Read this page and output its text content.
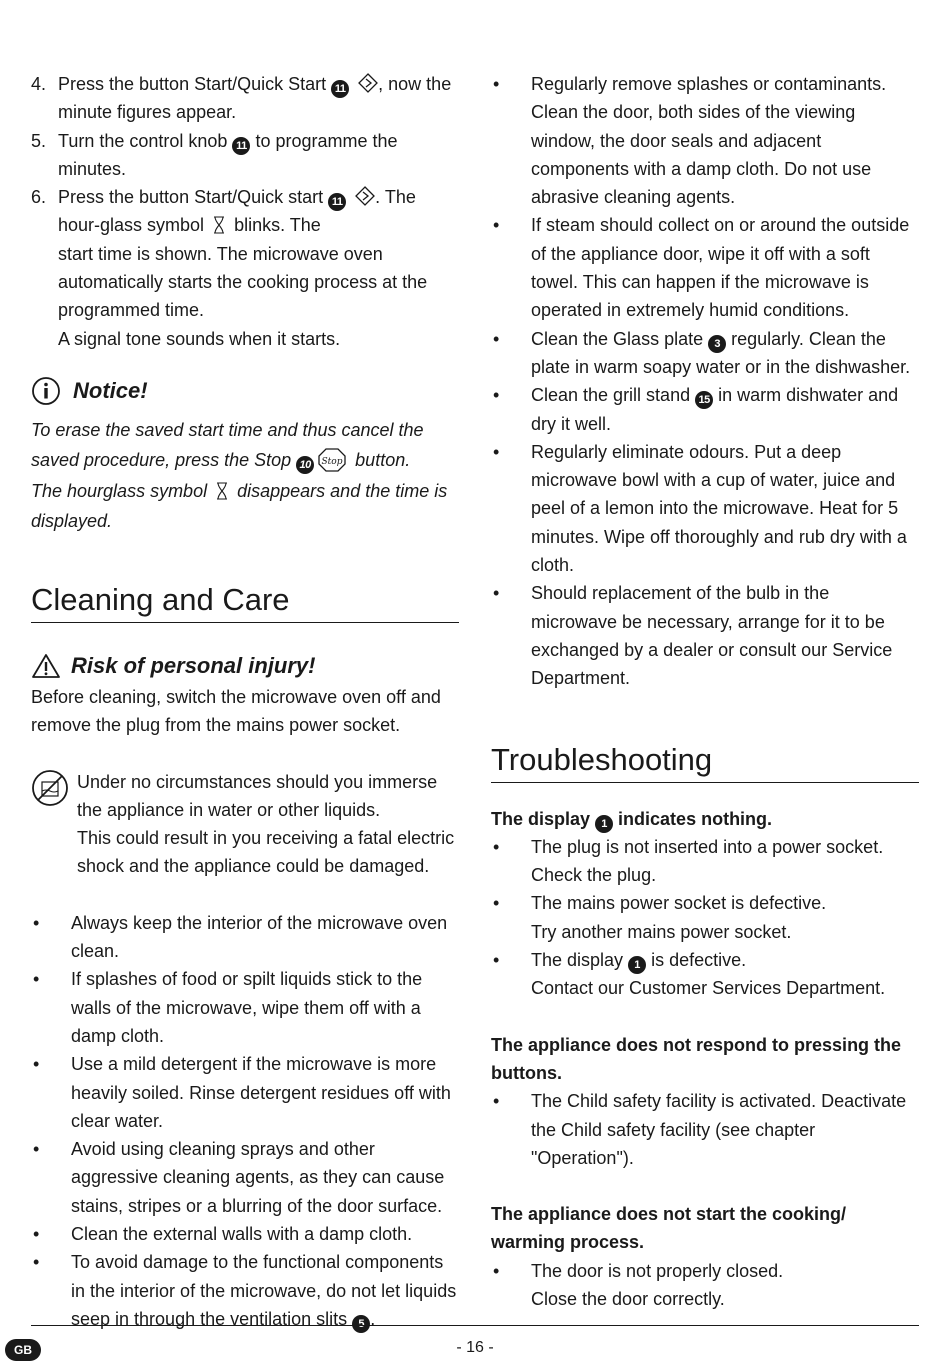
4. Press the button Start/Quick Start 11 , now the minute figures appear.
5. Turn the control knob 11 to programme the minutes.
6. Press the button Start/Quick start 11 . The hour-glass symbol  blinks. The
start time is shown. The microwave oven automatically starts the cooking process at the programmed time.
A signal tone sounds when it starts.
Notice!

To erase the saved start time and thus cancel the saved procedure, press the Stop 10 Stop button.
The hourglass symbol  disappears and the time is displayed.

Cleaning and Care
Risk of personal injury!

Before cleaning, switch the microwave oven off and remove the plug from the mains power socket.

Under no circumstances should you immerse the appliance in water or other liquids.

This could result in you receiving a fatal electric shock and the appliance could be damaged.

• Always keep the interior of the microwave oven clean.
• If splashes of food or spilt liquids stick to the walls of the microwave, wipe them off with a damp cloth.
• Use a mild detergent if the microwave is more heavily soiled. Rinse detergent residues off with clear water.
• Avoid using cleaning sprays and other aggressive cleaning agents, as they can cause stains, stripes or a blurring of the door surface.
• Clean the external walls with a damp cloth.
• To avoid damage to the functional components in the interior of the microwave, do not let liquids seep in through the ventilation slits 5 .
• Regularly remove splashes or contaminants. Clean the door, both sides of the viewing window, the door seals and adjacent components with a damp cloth. Do not use abrasive cleaning agents.
• If steam should collect on or around the outside of the appliance door, wipe it off with a soft towel. This can happen if the microwave is operated in extremely humid conditions.
• Clean the Glass plate 3 regularly. Clean the plate in warm soapy water or in the dishwasher.
• Clean the grill stand 15 in warm dishwater and dry it well.
• Regularly eliminate odours. Put a deep microwave bowl with a cup of water, juice and peel of a lemon into the microwave. Heat for 5 minutes. Wipe off thoroughly and rub dry with a cloth.
• Should replacement of the bulb in the microwave be necessary, arrange for it to be exchanged by a dealer or consult our Service Department.
Troubleshooting

The display 1 indicates nothing.

• The plug is not inserted into a power socket.
Check the plug.
• The mains power socket is defective.
Try another mains power socket.
• The display 1 is defective.
Contact our Customer Services Department.

The appliance does not respond to pressing the buttons.

• The Child safety facility is activated. Deactivate the Child safety facility (see chapter "Operation").

The appliance does not start the cooking/ warming process.

• The door is not properly closed.
Close the door correctly.
GB	- 16 -
